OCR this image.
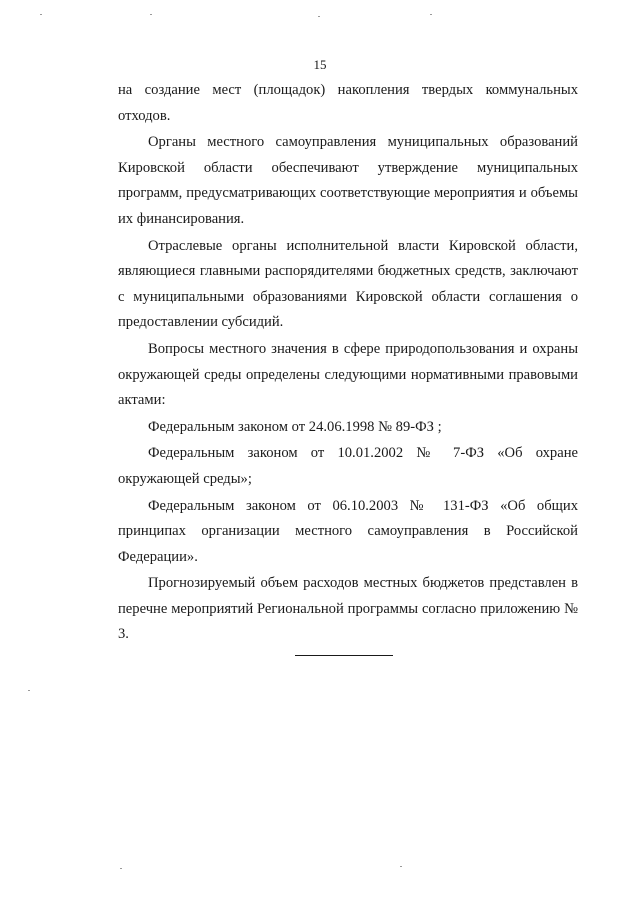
15

на создание мест (площадок) накопления твердых коммунальных отходов.

Органы местного самоуправления муниципальных образований Кировской области обеспечивают утверждение муниципальных программ, предусматривающих соответствующие мероприятия и объемы их финансирования.

Отраслевые органы исполнительной власти Кировской области, являющиеся главными распорядителями бюджетных средств, заключают с муниципальными образованиями Кировской области соглашения о предоставлении субсидий.

Вопросы местного значения в сфере природопользования и охраны окружающей среды определены следующими нормативными правовыми актами:

Федеральным законом от 24.06.1998 № 89-ФЗ ;

Федеральным законом от 10.01.2002 № 7-ФЗ «Об охране окружающей среды»;

Федеральным законом от 06.10.2003 № 131-ФЗ «Об общих принципах организации местного самоуправления в Российской Федерации».

Прогнозируемый объем расходов местных бюджетов представлен в перечне мероприятий Региональной программы согласно приложению № 3.
